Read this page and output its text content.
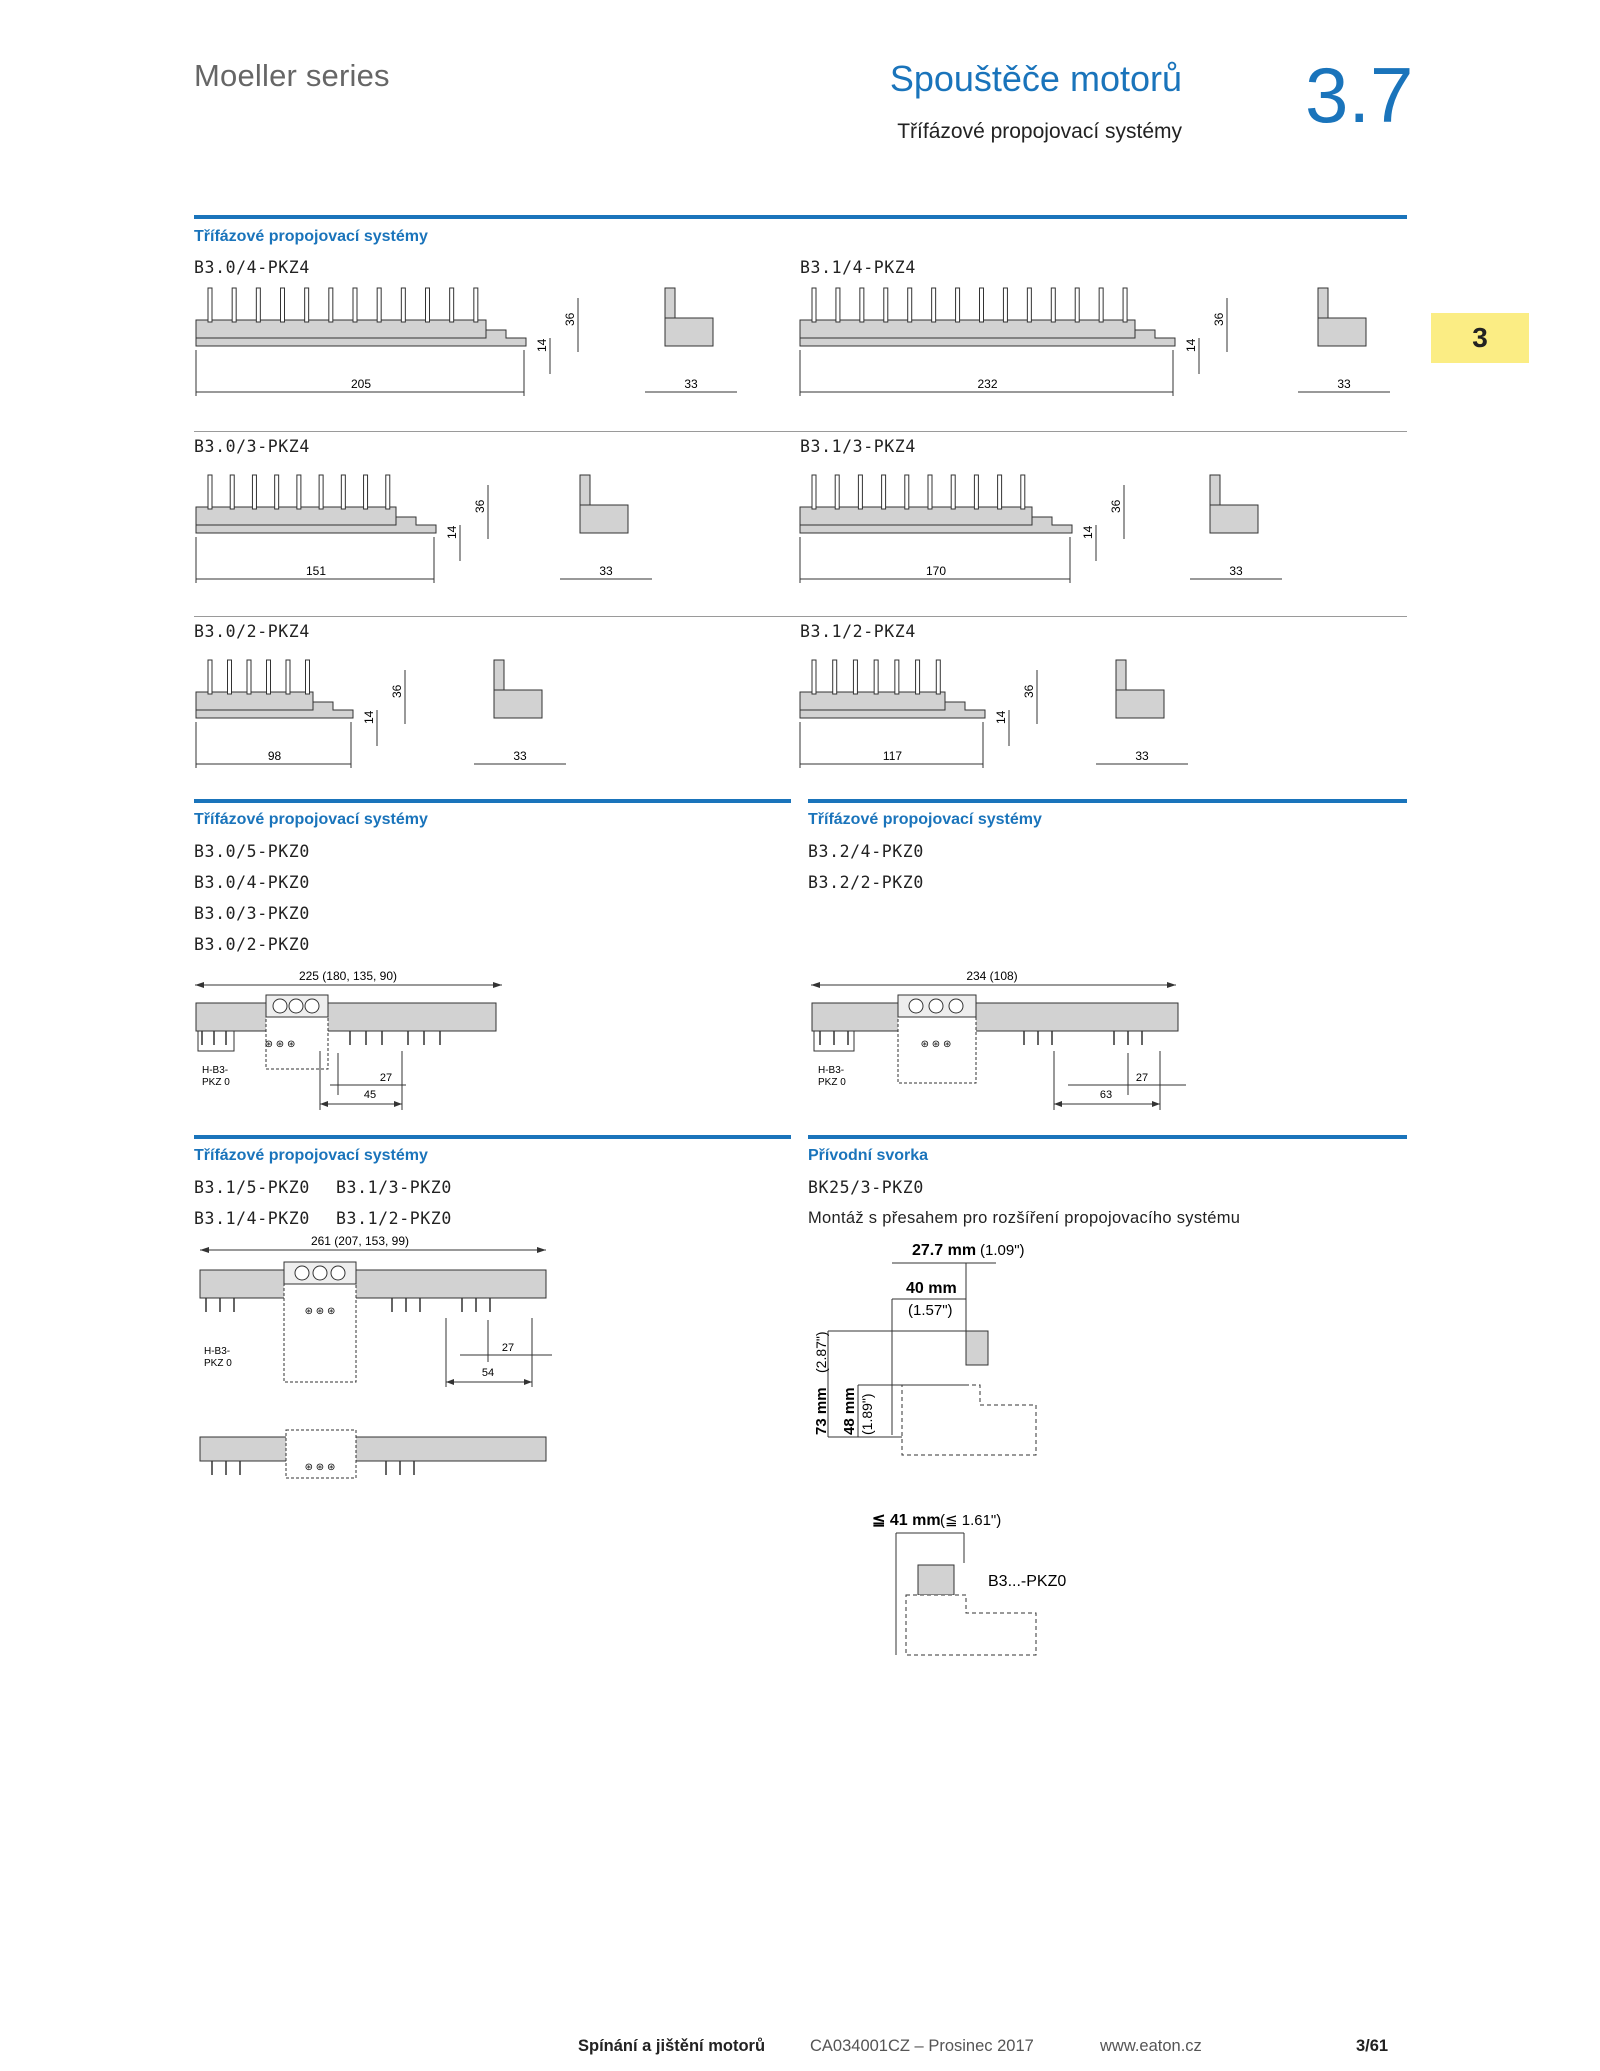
Moeller series	Spouštěče motorů
Třífázové propojovací systémy 3.7
3
Třífázové propojovací systémy
B3.0/4-PKZ4	B3.1/4-PKZ4
B3.0/3-PKZ4	B3.1/3-PKZ4
B3.0/2-PKZ4	B3.1/2-PKZ4
205
14
36
33	232
14
36
33
151
14
36
33	170
14
36
33
98
14
36
33	117
14
36
33
Třífázové propojovací systémy	Třífázové propojovací systémy
B3.0/5-PKZ0
B3.0/4-PKZ0
B3.0/3-PKZ0
B3.0/2-PKZ0
B3.2/4-PKZ0
B3.2/2-PKZ0
Třífázové propojovací systémy	Přívodní svorka
B3.1/5-PKZ0 B3.1/3-PKZ0
B3.1/4-PKZ0 B3.1/2-PKZ0
BK25/3-PKZ0
Montáž s přesahem pro rozšíření propojovacího systému
225 (180, 135, 90)
⊛ ⊛ ⊛
H-B3-
PKZ 0
45
27
234 (108)
⊛ ⊛ ⊛
H-B3-
PKZ 0
63
27
261 (207, 153, 99)
⊛ ⊛ ⊛
H-B3-
PKZ 0
54
27
⊛ ⊛ ⊛
27.7 mm (1.09")
40 mm
(1.57")
73 mm
(2.87")
48 mm (1.89")
≦ 41 mm (≦ 1.61")
B3...-PKZ0
Spínání a jištění motorů	CA034001CZ – Prosinec 2017	www.eaton.cz	3/61
